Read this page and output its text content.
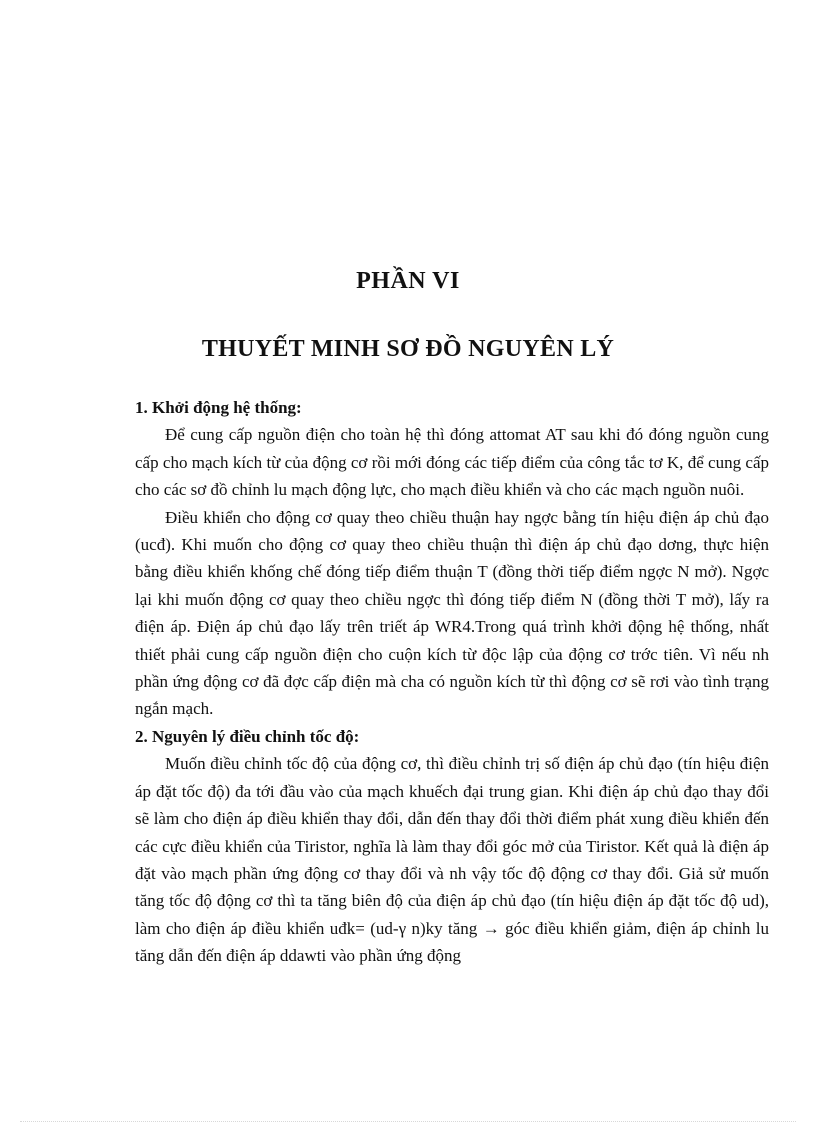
PHẦN VI
THUYẾT MINH SƠ ĐỒ NGUYÊN LÝ

1. Khởi động hệ thống:

Để cung cấp nguồn điện cho toàn hệ thì đóng attomat AT sau khi đó đóng nguồn cung cấp cho mạch kích từ của động cơ rồi mới đóng các tiếp điểm của công tắc tơ K, để cung cấp cho các sơ đồ chỉnh lu mạch động lực, cho mạch điều khiển và cho các mạch nguồn nuôi.

Điều khiển cho động cơ quay theo chiều thuận hay ngợc bằng tín hiệu điện áp chủ đạo (ucđ). Khi muốn cho động cơ quay theo chiều thuận thì điện áp chủ đạo dơng, thực hiện bằng điều khiển khống chế đóng tiếp điểm thuận T (đồng thời tiếp điểm ngợc N mở). Ngợc lại khi muốn động cơ quay theo chiều ngợc thì đóng tiếp điểm N (đồng thời T mở), lấy ra điện áp. Điện áp chủ đạo lấy trên triết áp WR4.Trong quá trình khởi động hệ thống, nhất thiết phải cung cấp nguồn điện cho cuộn kích từ độc lập của động cơ trớc tiên. Vì nếu nh phần ứng động cơ đã đợc cấp điện mà cha có nguồn kích từ thì động cơ sẽ rơi vào tình trạng ngắn mạch.

2. Nguyên lý điều chỉnh tốc độ:

Muốn điều chỉnh tốc độ của động cơ, thì điều chỉnh trị số điện áp chủ đạo (tín hiệu điện áp đặt tốc độ) đa tới đầu vào của mạch khuếch đại trung gian. Khi điện áp chủ đạo thay đổi sẽ làm cho điện áp điều khiển thay đổi, dẫn đến thay đổi thời điểm phát xung điều khiển đến các cực điều khiển của Tiristor, nghĩa là làm thay đổi góc mở của Tiristor. Kết quả là điện áp đặt vào mạch phần ứng động cơ thay đổi và nh vậy tốc độ động cơ thay đổi. Giả sử muốn tăng tốc độ động cơ thì ta tăng biên độ của điện áp chủ đạo (tín hiệu điện áp đặt tốc độ ud), làm cho điện áp điều khiển uđk= (ud-γ n)ky tăng → góc điều khiển giảm, điện áp chỉnh lu tăng dẫn đến điện áp ddawti vào phần ứng động
